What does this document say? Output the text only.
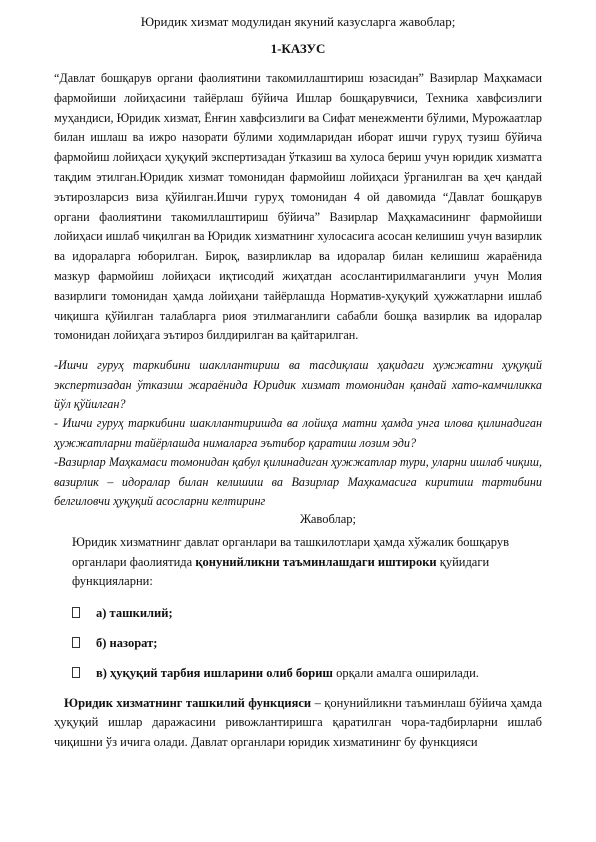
Юридик хизмат модулидан якуний казусларга жавоблар;

1-КАЗУС

“Давлат бошқарув органи фаолиятини такомиллаштириш юзасидан” Вазирлар Маҳкамаси фармойиши лойиҳасини тайёрлаш бўйича Ишлар бошқарувчиси, Техника хавфсизлиги муҳандиси, Юридик хизмат, Ёнғин хавфсизлиги ва Сифат менежменти бўлими, Мурожаатлар билан ишлаш ва ижро назорати бўлими ходимларидан иборат ишчи гуруҳ тузиш бўйича фармойиш лойиҳаси ҳуқуқий экспертизадан ўтказиш ва хулоса бериш учун юридик хизматга тақдим этилган.Юридик хизмат томонидан фармойиш лойиҳаси ўрганилган ва ҳеч қандай эътирозларсиз виза қўйилган.Ишчи гуруҳ томонидан 4 ой давомида “Давлат бошқарув органи фаолиятини такомиллаштириш бўйича” Вазирлар Маҳкамасининг фармойиши лойиҳаси ишлаб чиқилган ва Юридик хизматнинг хулосасига асосан келишиш учун вазирлик ва идораларга юборилган. Бироқ, вазирликлар ва идоралар билан келишиш жараёнида мазкур фармойиш лойиҳаси иқтисодий жиҳатдан асослантирилмаганлиги учун Молия вазирлиги томонидан ҳамда лойиҳани тайёрлашда Норматив-ҳуқуқий ҳужжатларни ишлаб чиқишга қўйилган талабларга риоя этилмаганлиги сабабли бошқа вазирлик ва идоралар томонидан лойиҳага эътироз билдирилган ва қайтарилган.

-Ишчи гуруҳ таркибини шакллантириш ва тасдиқлаш ҳақидаги ҳужжатни ҳуқуқий экспертизадан ўтказиш жараёнида Юридик хизмат томонидан қандай хато-камчиликка йўл қўйилган?

- Ишчи гуруҳ таркибини шакллантиришда ва лойиҳа матни ҳамда унга илова қилинадиган ҳужжатларни тайёрлашда нималарга эътибор қаратиш лозим эди?

-Вазирлар Маҳкамаси томонидан қабул қилинадиган ҳужжатлар тури, уларни ишлаб чиқиш, вазирлик – идоралар билан келишиш ва Вазирлар Маҳкамасига киритиш тартибини белгиловчи ҳуқуқий асосларни келтиринг

Жавоблар;

Юридик хизматнинг давлат органлари ва ташкилотлари ҳамда хўжалик бошқарув органлари фаолиятида қонунийликни таъминлашдаги иштироки қуйидаги функцияларни:

а) ташкилий;
б) назорат;
в) ҳуқуқий тарбия ишларини олиб бориш орқали амалга оширилади.

Юридик хизматнинг ташкилий функцияси – қонунийликни таъминлаш бўйича ҳамда ҳуқуқий ишлар даражасини ривожлантиришга қаратилган чора-тадбирларни ишлаб чиқишни ўз ичига олади. Давлат органлари юридик хизматининг бу функцияси
